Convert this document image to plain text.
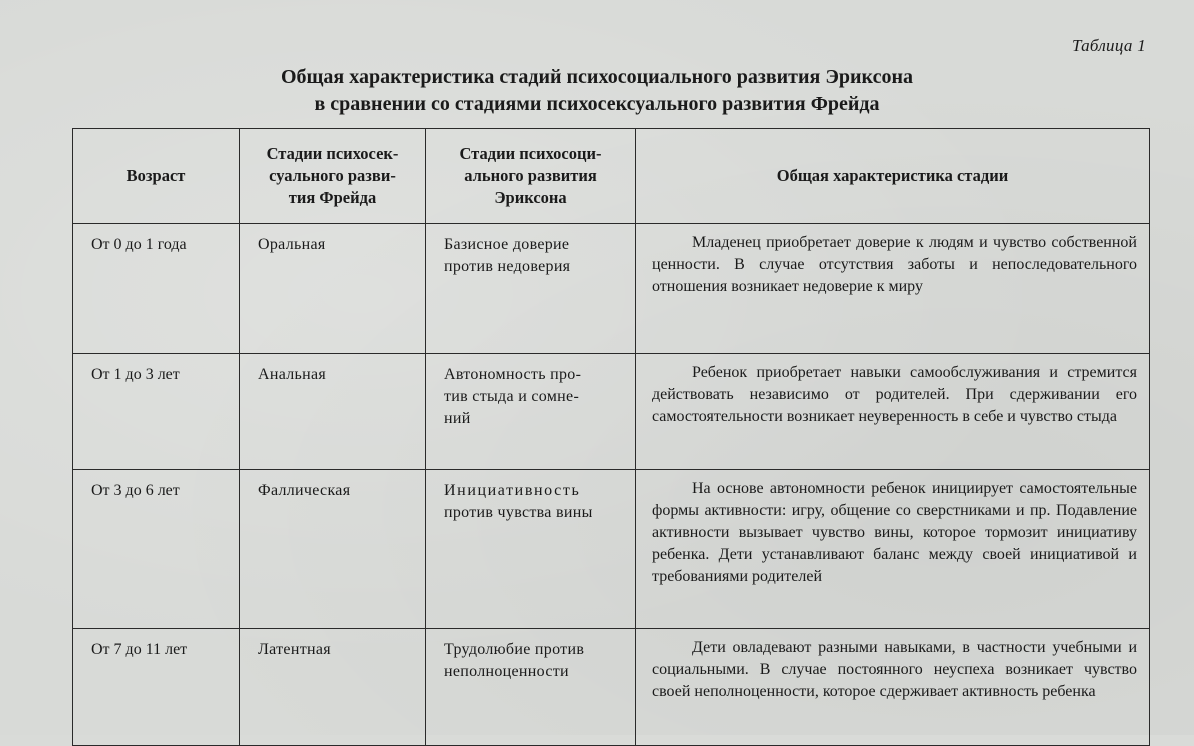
Таблица 1
Общая характеристика стадий психосоциального развития Эриксона
в сравнении со стадиями психосексуального развития Фрейда
Возраст	Стадии психосек-
суального разви-
тия Фрейда	Стадии психосоци-
ального развития
Эриксона	Общая характеристика стадии
От 0 до 1 года	Оральная	Базисное доверие
против недоверия	Младенец приобретает доверие к людям и чувство собственной ценности. В случае отсутствия заботы и непоследовательного отношения возникает недоверие к миру
От 1 до 3 лет	Анальная	Автономность про-
тив стыда и сомне-
ний	Ребенок приобретает навыки самообслуживания и стремится действовать независимо от родителей. При сдерживании его самостоятельности возникает неуверенность в себе и чувство стыда
От 3 до 6 лет	Фаллическая	Инициативность
против чувства вины	На основе автономности ребенок инициирует самостоятельные формы активности: игру, общение со сверстниками и пр. Подавление активности вызывает чувство вины, которое тормозит инициативу ребенка. Дети устанавливают баланс между своей инициативой и требованиями родителей
От 7 до 11 лет	Латентная	Трудолюбие против
неполноценности	Дети овладевают разными навыками, в частности учебными и социальными. В случае постоянного неуспеха возникает чувство своей неполноценности, которое сдерживает активность ребенка
